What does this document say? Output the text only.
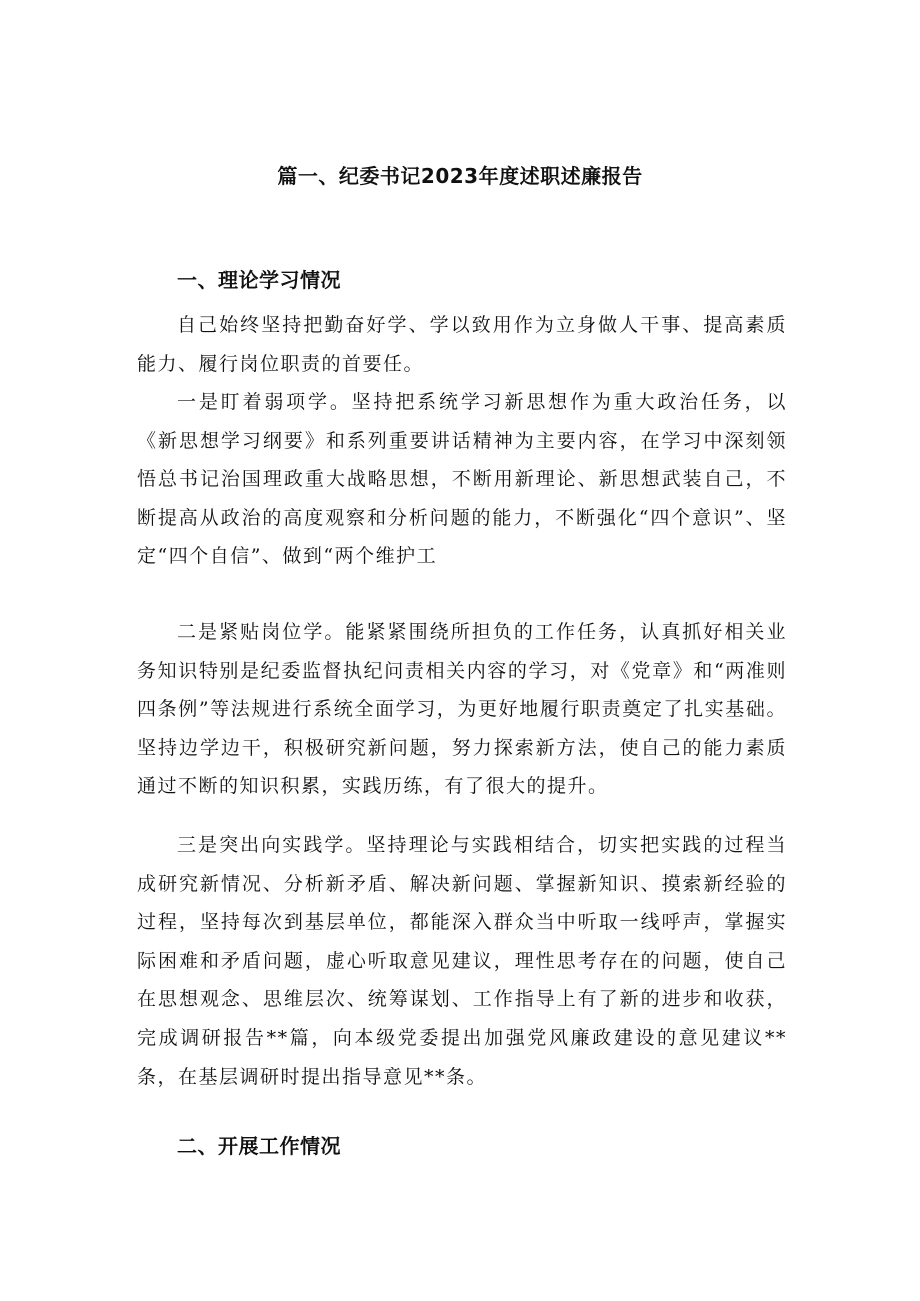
篇一、纪委书记2023年度述职述廉报告
一、理论学习情况

自己始终坚持把勤奋好学、学以致用作为立身做人干事、提高素质能力、履行岗位职责的首要任。

一是盯着弱项学。坚持把系统学习新思想作为重大政治任务，以《新思想学习纲要》和系列重要讲话精神为主要内容，在学习中深刻领悟总书记治国理政重大战略思想，不断用新理论、新思想武装自己，不断提高从政治的高度观察和分析问题的能力，不断强化“四个意识”、坚定“四个自信”、做到“两个维护工

二是紧贴岗位学。能紧紧围绕所担负的工作任务，认真抓好相关业务知识特别是纪委监督执纪问责相关内容的学习，对《党章》和“两准则四条例”等法规进行系统全面学习，为更好地履行职责奠定了扎实基础。坚持边学边干，积极研究新问题，努力探索新方法，使自己的能力素质通过不断的知识积累，实践历练，有了很大的提升。

三是突出向实践学。坚持理论与实践相结合，切实把实践的过程当成研究新情况、分析新矛盾、解决新问题、掌握新知识、摸索新经验的过程，坚持每次到基层单位，都能深入群众当中听取一线呼声，掌握实际困难和矛盾问题，虚心听取意见建议，理性思考存在的问题，使自己在思想观念、思维层次、统筹谋划、工作指导上有了新的进步和收获，完成调研报告**篇，向本级党委提出加强党风廉政建设的意见建议**条，在基层调研时提出指导意见**条。

二、开展工作情况
